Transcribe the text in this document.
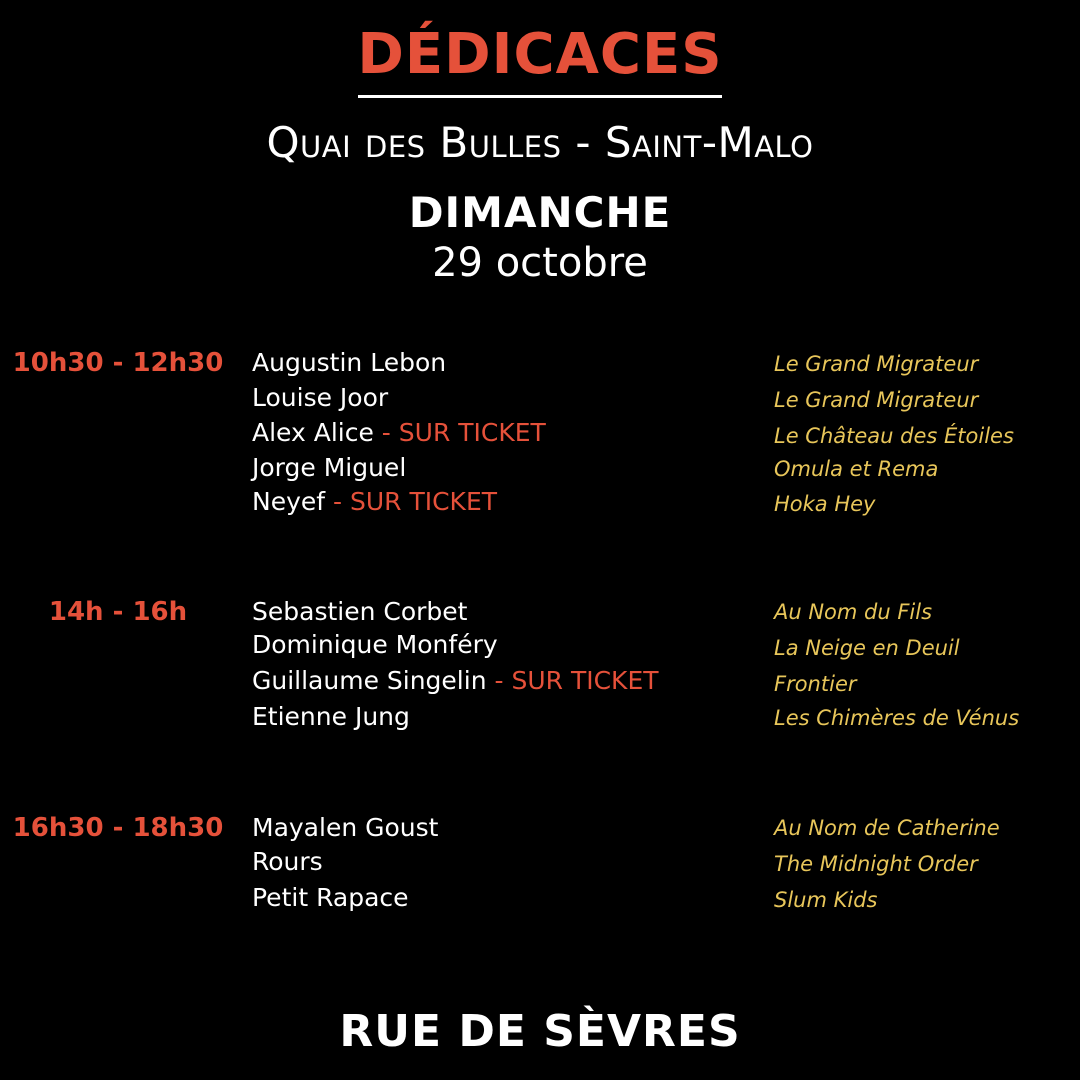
DÉDICACES
Quai des Bulles - Saint-Malo
DIMANCHE
29 octobre
10h30 - 12h30	Augustin Lebon	Le Grand Migrateur
Louise Joor	Le Grand Migrateur
Alex Alice - SUR TICKET	Le Château des Étoiles
Jorge Miguel	Omula et Rema
Neyef - SUR TICKET	Hoka Hey
14h - 16h	Sebastien Corbet	Au Nom du Fils
Dominique Monféry	La Neige en Deuil
Guillaume Singelin - SUR TICKET	Frontier
Etienne Jung	Les Chimères de Vénus
16h30 - 18h30	Mayalen Goust	Au Nom de Catherine
Rours	The Midnight Order
Petit Rapace	Slum Kids
RUE DE SÈVRES
